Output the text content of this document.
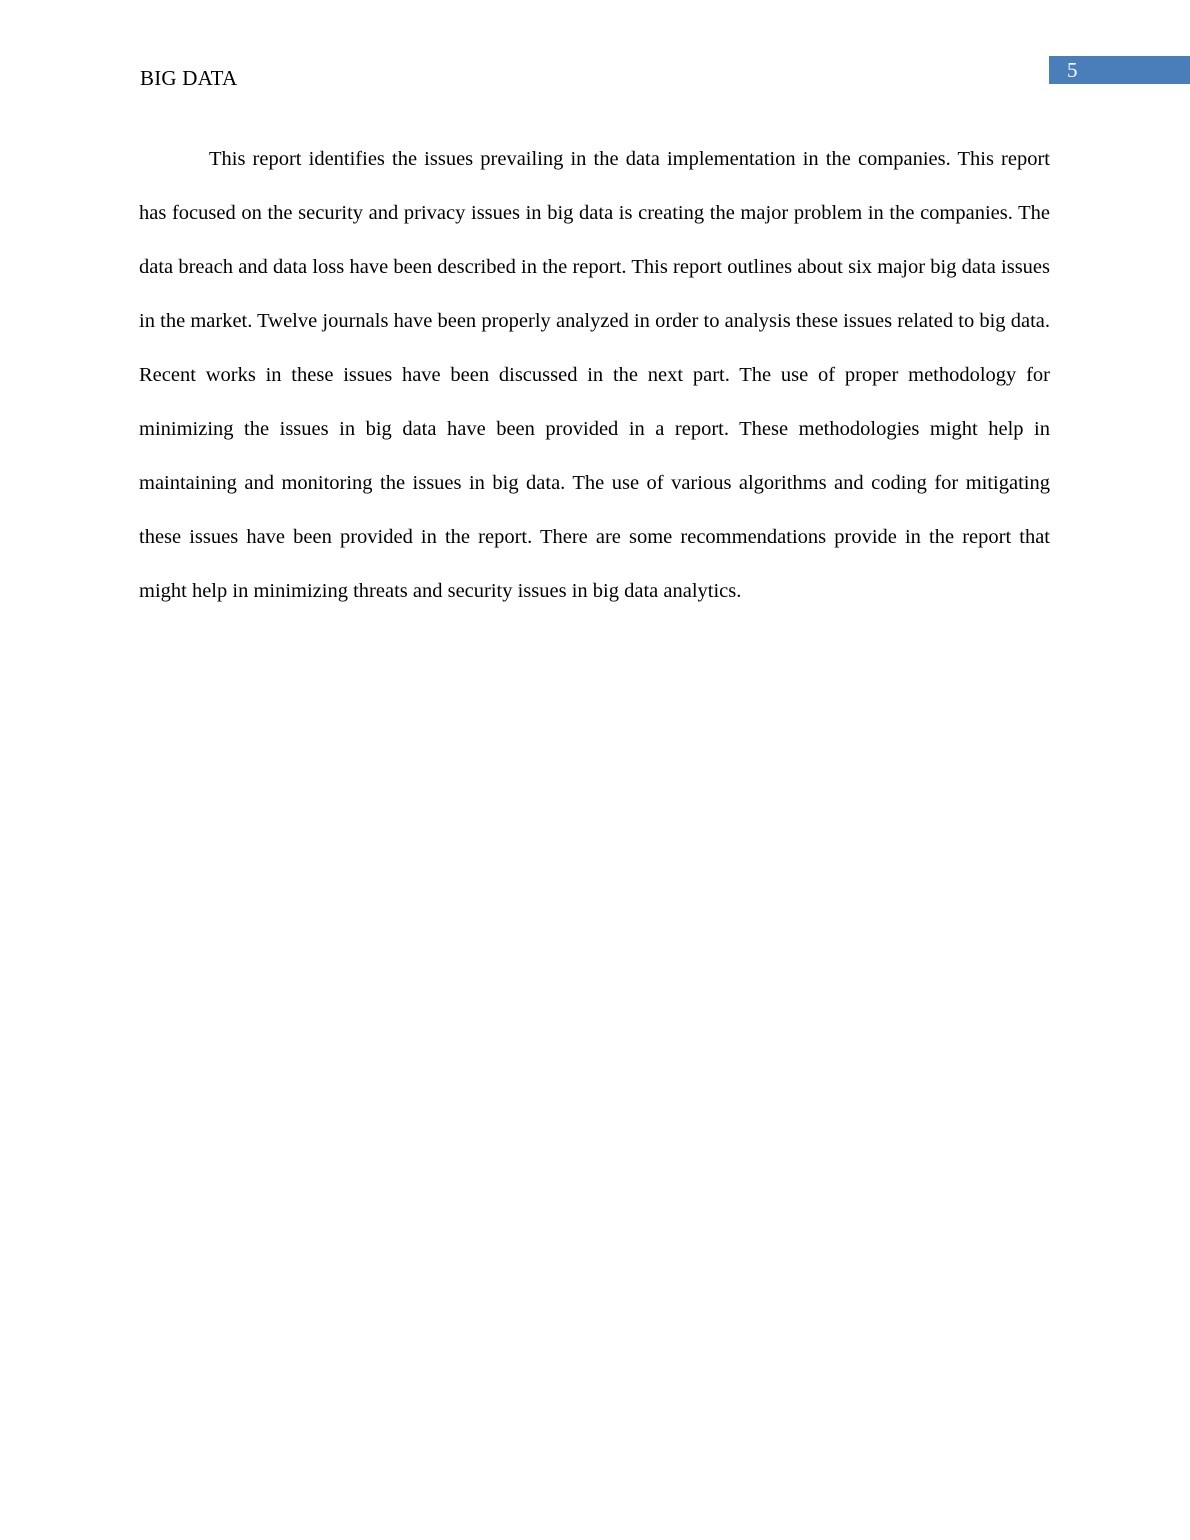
BIG DATA	5

This report identifies the issues prevailing in the data implementation in the companies. This report has focused on the security and privacy issues in big data is creating the major problem in the companies. The data breach and data loss have been described in the report. This report outlines about six major big data issues in the market. Twelve journals have been properly analyzed in order to analysis these issues related to big data. Recent works in these issues have been discussed in the next part. The use of proper methodology for minimizing the issues in big data have been provided in a report. These methodologies might help in maintaining and monitoring the issues in big data. The use of various algorithms and coding for mitigating these issues have been provided in the report. There are some recommendations provide in the report that might help in minimizing threats and security issues in big data analytics.
